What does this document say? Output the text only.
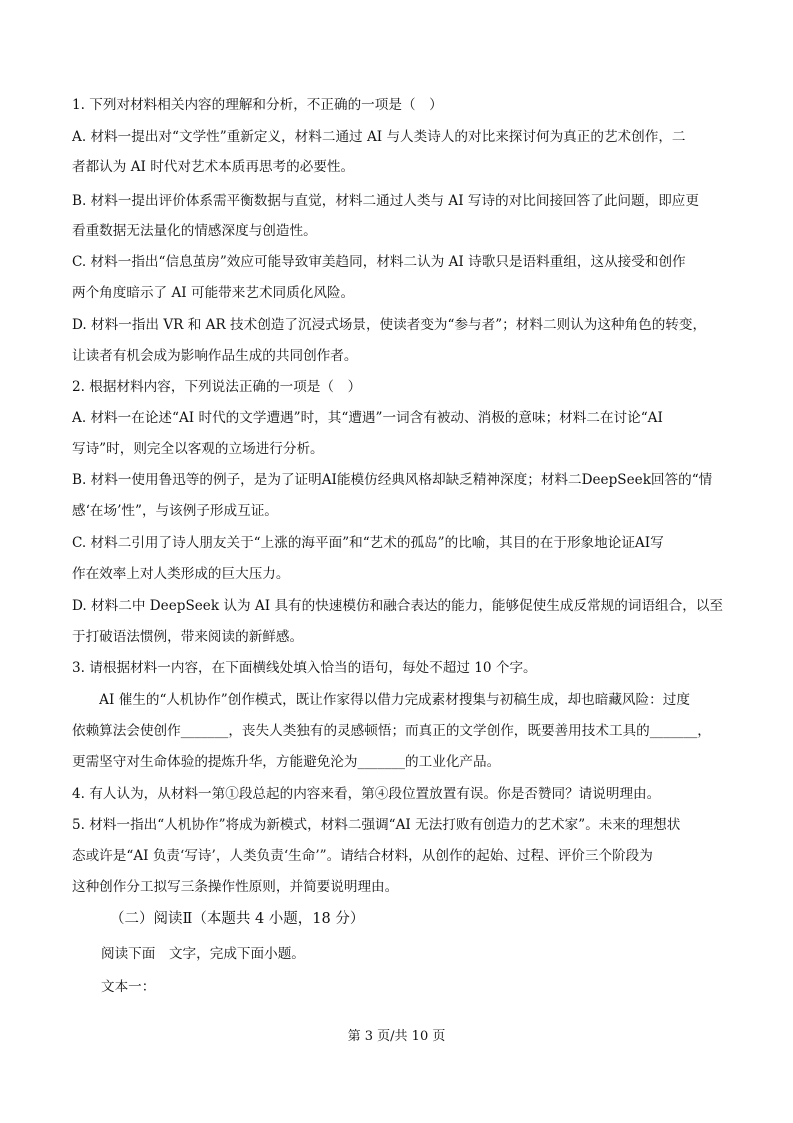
1. 下列对材料相关内容的理解和分析，不正确的一项是（　）
A. 材料一提出对“文学性”重新定义，材料二通过 AI 与人类诗人的对比来探讨何为真正的艺术创作，二
者都认为 AI 时代对艺术本质再思考的必要性。
B. 材料一提出评价体系需平衡数据与直觉，材料二通过人类与 AI 写诗的对比间接回答了此问题，即应更
看重数据无法量化的情感深度与创造性。
C. 材料一指出“信息茧房”效应可能导致审美趋同，材料二认为 AI 诗歌只是语料重组，这从接受和创作
两个角度暗示了 AI 可能带来艺术同质化风险。
D. 材料一指出 VR 和 AR 技术创造了沉浸式场景，使读者变为“参与者”；材料二则认为这种角色的转变，
让读者有机会成为影响作品生成的共同创作者。
2. 根据材料内容，下列说法正确的一项是（　）
A. 材料一在论述“AI 时代的文学遭遇”时，其“遭遇”一词含有被动、消极的意味；材料二在讨论“AI
写诗”时，则完全以客观的立场进行分析。
B. 材料一使用鲁迅等的例子，是为了证明AI能模仿经典风格却缺乏精神深度；材料二DeepSeek回答的“情
感‘在场’性”，与该例子形成互证。
C. 材料二引用了诗人朋友关于“上涨的海平面”和“艺术的孤岛”的比喻，其目的在于形象地论证AI写
作在效率上对人类形成的巨大压力。
D. 材料二中 DeepSeek 认为 AI 具有的快速模仿和融合表达的能力，能够促使生成反常规的词语组合，以至
于打破语法惯例，带来阅读的新鲜感。
3. 请根据材料一内容，在下面横线处填入恰当的语句，每处不超过 10 个字。
　　AI 催生的“人机协作”创作模式，既让作家得以借力完成素材搜集与初稿生成，却也暗藏风险：过度
依赖算法会使创作_______，丧失人类独有的灵感顿悟；而真正的文学创作，既要善用技术工具的_______，
更需坚守对生命体验的提炼升华，方能避免沦为_______的工业化产品。
4. 有人认为，从材料一第①段总起的内容来看，第④段位置放置有误。你是否赞同？请说明理由。
5. 材料一指出“人机协作”将成为新模式，材料二强调“AI 无法打败有创造力的艺术家”。未来的理想状
态或许是“AI 负责‘写诗’，人类负责‘生命’”。请结合材料，从创作的起始、过程、评价三个阶段为
这种创作分工拟写三条操作性原则，并简要说明理由。
（二）阅读Ⅱ（本题共 4 小题，18 分）
阅读下面　文字，完成下面小题。
文本一：
第 3 页/共 10 页
